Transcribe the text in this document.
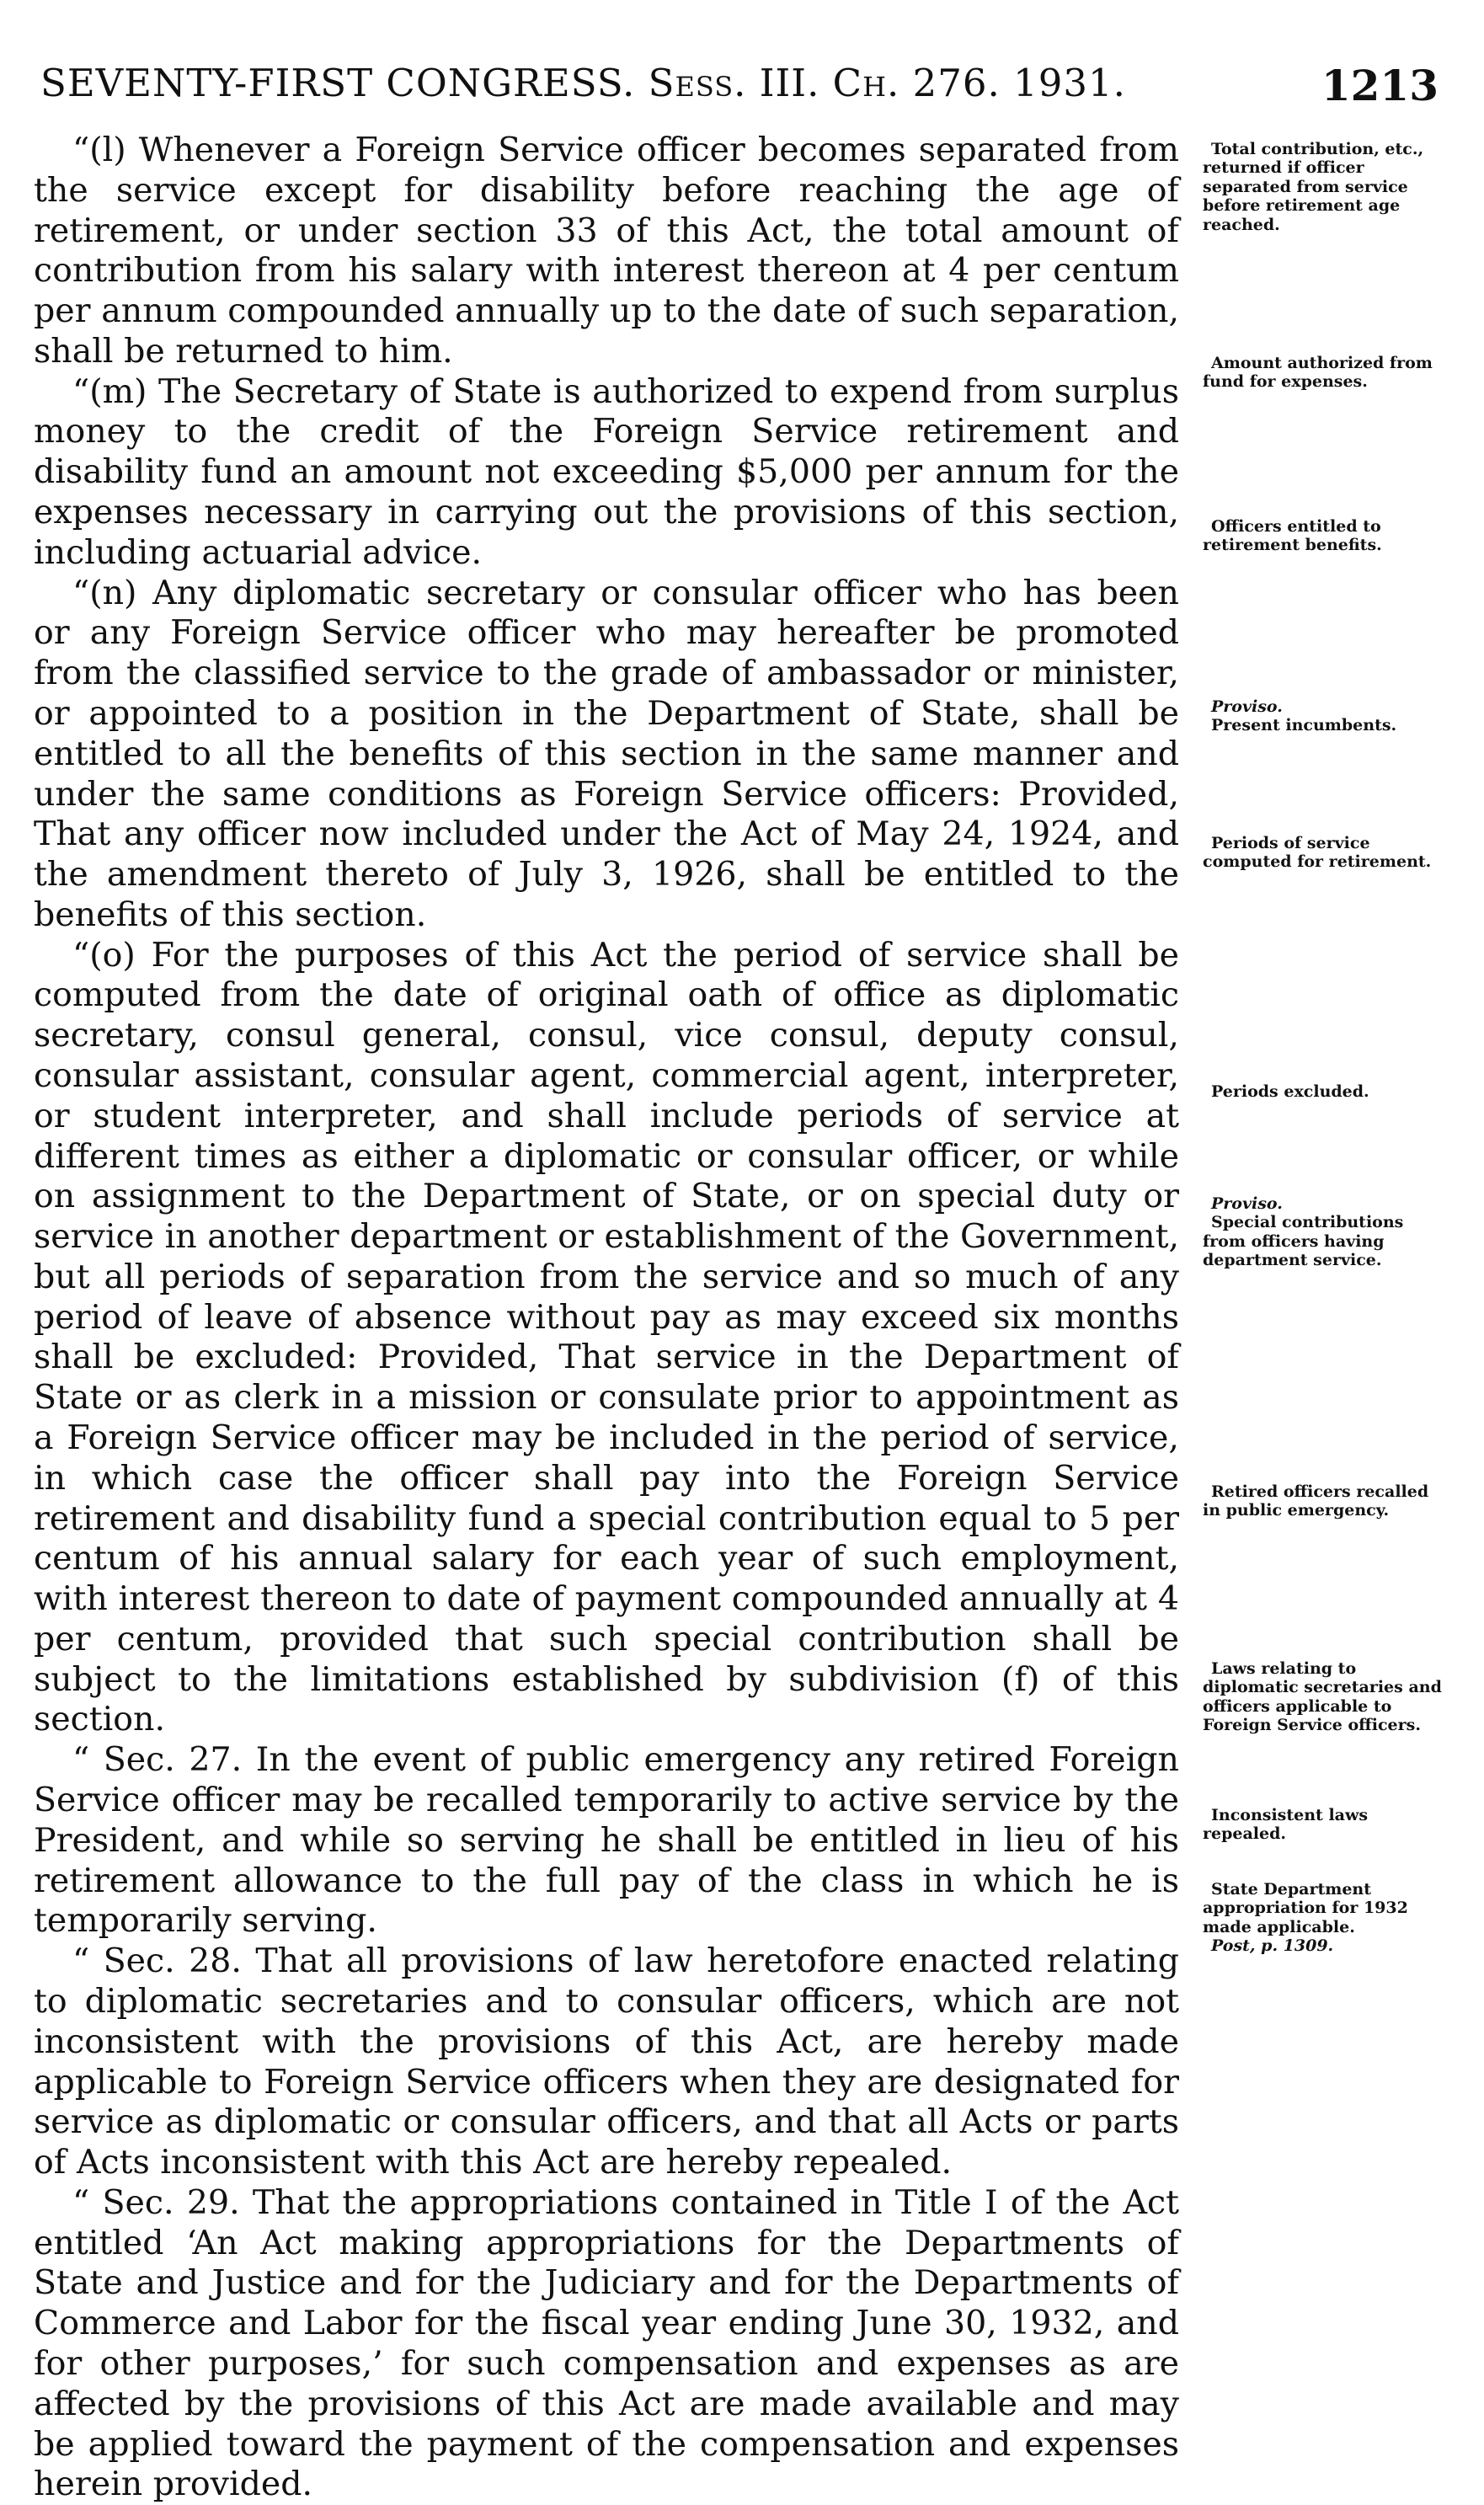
SEVENTY-FIRST CONGRESS. Sess. III. Ch. 276. 1931.	1213

“(l) Whenever a Foreign Service officer becomes separated from the service except for disability before reaching the age of retirement, or under section 33 of this Act, the total amount of contribution from his salary with interest thereon at 4 per centum per annum compounded annually up to the date of such separation, shall be returned to him.

“(m) The Secretary of State is authorized to expend from surplus money to the credit of the Foreign Service retirement and disability fund an amount not exceeding $5,000 per annum for the expenses necessary in carrying out the provisions of this section, including actuarial advice.

“(n) Any diplomatic secretary or consular officer who has been or any Foreign Service officer who may hereafter be promoted from the classified service to the grade of ambassador or minister, or appointed to a position in the Department of State, shall be entitled to all the benefits of this section in the same manner and under the same conditions as Foreign Service officers: Provided, That any officer now included under the Act of May 24, 1924, and the amendment thereto of July 3, 1926, shall be entitled to the benefits of this section.

“(o) For the purposes of this Act the period of service shall be computed from the date of original oath of office as diplomatic secretary, consul general, consul, vice consul, deputy consul, consular assistant, consular agent, commercial agent, interpreter, or student interpreter, and shall include periods of service at different times as either a diplomatic or consular officer, or while on assignment to the Department of State, or on special duty or service in another department or establishment of the Government, but all periods of separation from the service and so much of any period of leave of absence without pay as may exceed six months shall be excluded: Provided, That service in the Department of State or as clerk in a mission or consulate prior to appointment as a Foreign Service officer may be included in the period of service, in which case the officer shall pay into the Foreign Service retirement and disability fund a special contribution equal to 5 per centum of his annual salary for each year of such employment, with interest thereon to date of payment compounded annually at 4 per centum, provided that such special contribution shall be subject to the limitations established by subdivision (f) of this section.

“ Sec. 27. In the event of public emergency any retired Foreign Service officer may be recalled temporarily to active service by the President, and while so serving he shall be entitled in lieu of his retirement allowance to the full pay of the class in which he is temporarily serving.

“ Sec. 28. That all provisions of law heretofore enacted relating to diplomatic secretaries and to consular officers, which are not inconsistent with the provisions of this Act, are hereby made applicable to Foreign Service officers when they are designated for service as diplomatic or consular officers, and that all Acts or parts of Acts inconsistent with this Act are hereby repealed.

“ Sec. 29. That the appropriations contained in Title I of the Act entitled ‘An Act making appropriations for the Departments of State and Justice and for the Judiciary and for the Departments of Commerce and Labor for the fiscal year ending June 30, 1932, and for other purposes,’ for such compensation and expenses as are affected by the provisions of this Act are made available and may be applied toward the payment of the compensation and expenses herein provided.

Total contribution, etc., returned if officer separated from service before retirement age reached.
Amount authorized from fund for expenses.
Officers entitled to retirement benefits.
Proviso.
Present incumbents.
Periods of service computed for retirement.
Periods excluded.
Proviso.
Special contributions from officers having department service.
Retired officers recalled in public emergency.
Laws relating to diplomatic secretaries and officers applicable to Foreign Service officers.
Inconsistent laws repealed.
State Department appropriation for 1932 made applicable.
Post, p. 1309.
